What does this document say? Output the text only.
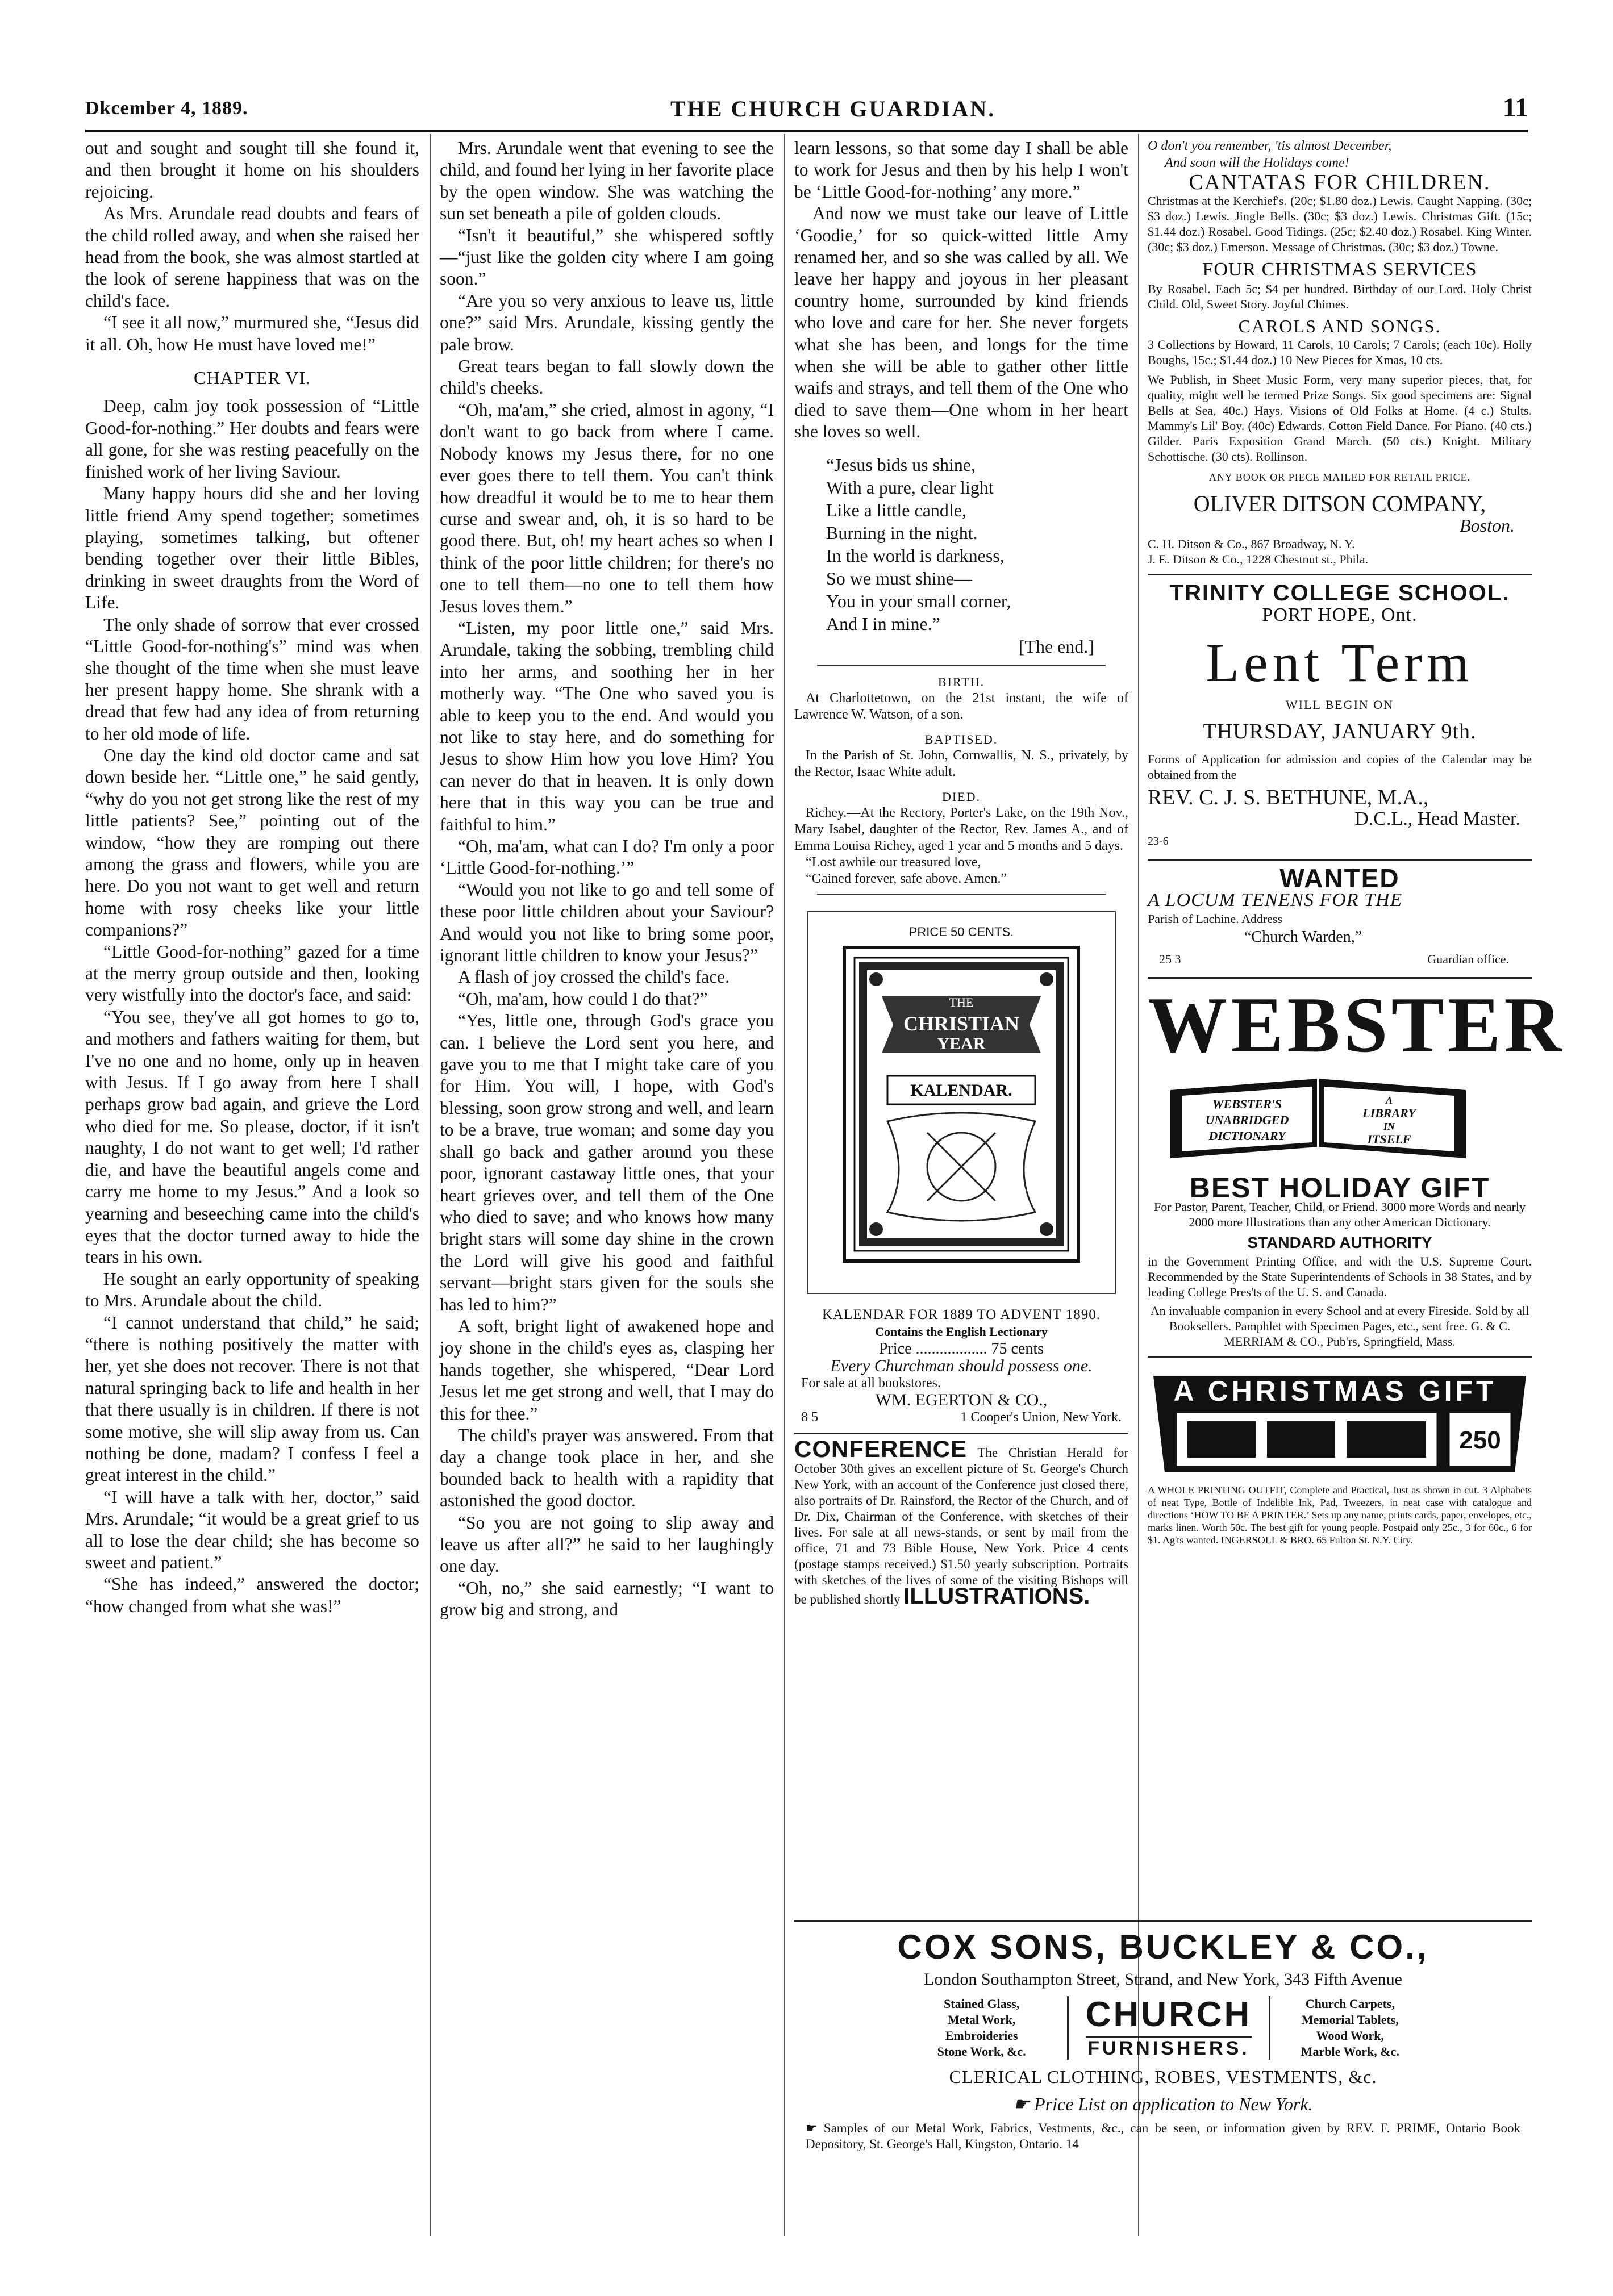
Dkcember 4, 1889.	THE CHURCH GUARDIAN.	11

out and sought and sought till she found it, and then brought it home on his shoulders rejoicing.

As Mrs. Arundale read doubts and fears of the child rolled away, and when she raised her head from the book, she was almost startled at the look of serene happiness that was on the child's face.

“I see it all now,” murmured she, “Jesus did it all. Oh, how He must have loved me!”

CHAPTER VI.

Deep, calm joy took possession of “Little Good-for-nothing.” Her doubts and fears were all gone, for she was resting peacefully on the finished work of her living Saviour.

Many happy hours did she and her loving little friend Amy spend together; sometimes playing, sometimes talking, but oftener bending together over their little Bibles, drinking in sweet draughts from the Word of Life.

The only shade of sorrow that ever crossed “Little Good-for-nothing's” mind was when she thought of the time when she must leave her present happy home. She shrank with a dread that few had any idea of from returning to her old mode of life.

One day the kind old doctor came and sat down beside her. “Little one,” he said gently, “why do you not get strong like the rest of my little patients? See,” pointing out of the window, “how they are romping out there among the grass and flowers, while you are here. Do you not want to get well and return home with rosy cheeks like your little companions?”

“Little Good-for-nothing” gazed for a time at the merry group outside and then, looking very wistfully into the doctor's face, and said:

“You see, they've all got homes to go to, and mothers and fathers waiting for them, but I've no one and no home, only up in heaven with Jesus. If I go away from here I shall perhaps grow bad again, and grieve the Lord who died for me. So please, doctor, if it isn't naughty, I do not want to get well; I'd rather die, and have the beautiful angels come and carry me home to my Jesus.” And a look so yearning and beseeching came into the child's eyes that the doctor turned away to hide the tears in his own.

He sought an early opportunity of speaking to Mrs. Arundale about the child.

“I cannot understand that child,” he said; “there is nothing positively the matter with her, yet she does not recover. There is not that natural springing back to life and health in her that there usually is in children. If there is not some motive, she will slip away from us. Can nothing be done, madam? I confess I feel a great interest in the child.”

“I will have a talk with her, doctor,” said Mrs. Arundale; “it would be a great grief to us all to lose the dear child; she has become so sweet and patient.”

“She has indeed,” answered the doctor; “how changed from what she was!”

Mrs. Arundale went that evening to see the child, and found her lying in her favorite place by the open window. She was watching the sun set beneath a pile of golden clouds.

“Isn't it beautiful,” she whispered softly—“just like the golden city where I am going soon.”

“Are you so very anxious to leave us, little one?” said Mrs. Arundale, kissing gently the pale brow.

Great tears began to fall slowly down the child's cheeks.

“Oh, ma'am,” she cried, almost in agony, “I don't want to go back from where I came. Nobody knows my Jesus there, for no one ever goes there to tell them. You can't think how dreadful it would be to me to hear them curse and swear and, oh, it is so hard to be good there. But, oh! my heart aches so when I think of the poor little children; for there's no one to tell them—no one to tell them how Jesus loves them.”

“Listen, my poor little one,” said Mrs. Arundale, taking the sobbing, trembling child into her arms, and soothing her in her motherly way. “The One who saved you is able to keep you to the end. And would you not like to stay here, and do something for Jesus to show Him how you love Him? You can never do that in heaven. It is only down here that in this way you can be true and faithful to him.”

“Oh, ma'am, what can I do? I'm only a poor ‘Little Good-for-nothing.’”

“Would you not like to go and tell some of these poor little children about your Saviour? And would you not like to bring some poor, ignorant little children to know your Jesus?”

A flash of joy crossed the child's face.

“Oh, ma'am, how could I do that?”

“Yes, little one, through God's grace you can. I believe the Lord sent you here, and gave you to me that I might take care of you for Him. You will, I hope, with God's blessing, soon grow strong and well, and learn to be a brave, true woman; and some day you shall go back and gather around you these poor, ignorant castaway little ones, that your heart grieves over, and tell them of the One who died to save; and who knows how many bright stars will some day shine in the crown the Lord will give his good and faithful servant—bright stars given for the souls she has led to him?”

A soft, bright light of awakened hope and joy shone in the child's eyes as, clasping her hands together, she whispered, “Dear Lord Jesus let me get strong and well, that I may do this for thee.”

The child's prayer was answered. From that day a change took place in her, and she bounded back to health with a rapidity that astonished the good doctor.

“So you are not going to slip away and leave us after all?” he said to her laughingly one day.

“Oh, no,” she said earnestly; “I want to grow big and strong, and

learn lessons, so that some day I shall be able to work for Jesus and then by his help I won't be ‘Little Good-for-nothing’ any more.”

And now we must take our leave of Little ‘Goodie,’ for so quick-witted little Amy renamed her, and so she was called by all. We leave her happy and joyous in her pleasant country home, surrounded by kind friends who love and care for her. She never forgets what she has been, and longs for the time when she will be able to gather other little waifs and strays, and tell them of the One who died to save them—One whom in her heart she loves so well.

“Jesus bids us shine,
With a pure, clear light
Like a little candle,
Burning in the night.
In the world is darkness,
So we must shine—
You in your small corner,
And I in mine.”
[The end.]
BIRTH.

At Charlottetown, on the 21st instant, the wife of Lawrence W. Watson, of a son.

BAPTISED.

In the Parish of St. John, Cornwallis, N. S., privately, by the Rector, Isaac White adult.

DIED.

Richey.—At the Rectory, Porter's Lake, on the 19th Nov., Mary Isabel, daughter of the Rector, Rev. James A., and of Emma Louisa Richey, aged 1 year and 5 months and 5 days.

“Lost awhile our treasured love,

“Gained forever, safe above. Amen.”

PRICE 50 CENTS.
THE
CHRISTIAN
YEAR
KALENDAR.
KALENDAR FOR 1889 TO ADVENT 1890.
Contains the English Lectionary
Price .................. 75 cents
Every Churchman should possess one.
For sale at all bookstores.
WM. EGERTON & CO.,
8 5	1 Cooper's Union, New York.
CONFERENCE The Christian Herald for October 30th gives an excellent picture of St. George's Church New York, with an account of the Conference just closed there, also portraits of Dr. Rainsford, the Rector of the Church, and of Dr. Dix, Chairman of the Conference, with sketches of their lives. For sale at all news-stands, or sent by mail from the office, 71 and 73 Bible House, New York. Price 4 cents (postage stamps received.) $1.50 yearly subscription. Portraits with sketches of the lives of some of the visiting Bishops will be published shortly ILLUSTRATIONS.
O don't you remember, 'tis almost December,
And soon will the Holidays come!
CANTATAS FOR CHILDREN.
Christmas at the Kerchief's. (20c; $1.80 doz.) Lewis. Caught Napping. (30c; $3 doz.) Lewis. Jingle Bells. (30c; $3 doz.) Lewis. Christmas Gift. (15c; $1.44 doz.) Rosabel. Good Tidings. (25c; $2.40 doz.) Rosabel. King Winter. (30c; $3 doz.) Emerson. Message of Christmas. (30c; $3 doz.) Towne.
FOUR CHRISTMAS SERVICES
By Rosabel. Each 5c; $4 per hundred. Birthday of our Lord. Holy Christ Child. Old, Sweet Story. Joyful Chimes.
CAROLS AND SONGS.
3 Collections by Howard, 11 Carols, 10 Carols; 7 Carols; (each 10c). Holly Boughs, 15c.; $1.44 doz.) 10 New Pieces for Xmas, 10 cts.
We Publish, in Sheet Music Form, very many superior pieces, that, for quality, might well be termed Prize Songs. Six good specimens are: Signal Bells at Sea, 40c.) Hays. Visions of Old Folks at Home. (4 c.) Stults. Mammy's Lil' Boy. (40c) Edwards. Cotton Field Dance. For Piano. (40 cts.) Gilder. Paris Exposition Grand March. (50 cts.) Knight. Military Schottische. (30 cts). Rollinson.
ANY BOOK OR PIECE MAILED FOR RETAIL PRICE.
OLIVER DITSON COMPANY,
Boston.
C. H. Ditson & Co., 867 Broadway, N. Y.
J. E. Ditson & Co., 1228 Chestnut st., Phila.
TRINITY COLLEGE SCHOOL.
PORT HOPE, Ont.
Lent Term
WILL BEGIN ON
THURSDAY, JANUARY 9th.
Forms of Application for admission and copies of the Calendar may be obtained from the
REV. C. J. S. BETHUNE, M.A.,
D.C.L., Head Master.
23-6
WANTED
A LOCUM TENENS FOR THE
Parish of Lachine. Address
“Church Warden,”
25 3	Guardian office.
WEBSTER
WEBSTER'S
UNABRIDGED
DICTIONARY
A
LIBRARY
IN
ITSELF
BEST HOLIDAY GIFT
For Pastor, Parent, Teacher, Child, or Friend. 3000 more Words and nearly 2000 more Illustrations than any other American Dictionary.
STANDARD AUTHORITY
in the Government Printing Office, and with the U.S. Supreme Court. Recommended by the State Superintendents of Schools in 38 States, and by leading College Pres'ts of the U. S. and Canada.
An invaluable companion in every School and at every Fireside. Sold by all Booksellers. Pamphlet with Specimen Pages, etc., sent free. G. & C. MERRIAM & CO., Pub'rs, Springfield, Mass.
A CHRISTMAS GIFT
250
A WHOLE PRINTING OUTFIT, Complete and Practical, Just as shown in cut. 3 Alphabets of neat Type, Bottle of Indelible Ink, Pad, Tweezers, in neat case with catalogue and directions ‘HOW TO BE A PRINTER.’ Sets up any name, prints cards, paper, envelopes, etc., marks linen. Worth 50c. The best gift for young people. Postpaid only 25c., 3 for 60c., 6 for $1. Ag'ts wanted. INGERSOLL & BRO. 65 Fulton St. N.Y. City.
COX SONS, BUCKLEY & CO.,
London Southampton Street, Strand, and New York, 343 Fifth Avenue
Stained Glass,
Metal Work,
Embroideries
Stone Work, &c.
CHURCH
FURNISHERS.
Church Carpets,
Memorial Tablets,
Wood Work,
Marble Work, &c.
CLERICAL CLOTHING, ROBES, VESTMENTS, &c.
☛ Price List on application to New York.
☛ Samples of our Metal Work, Fabrics, Vestments, &c., can be seen, or information given by REV. F. PRIME, Ontario Book Depository, St. George's Hall, Kingston, Ontario. 14
